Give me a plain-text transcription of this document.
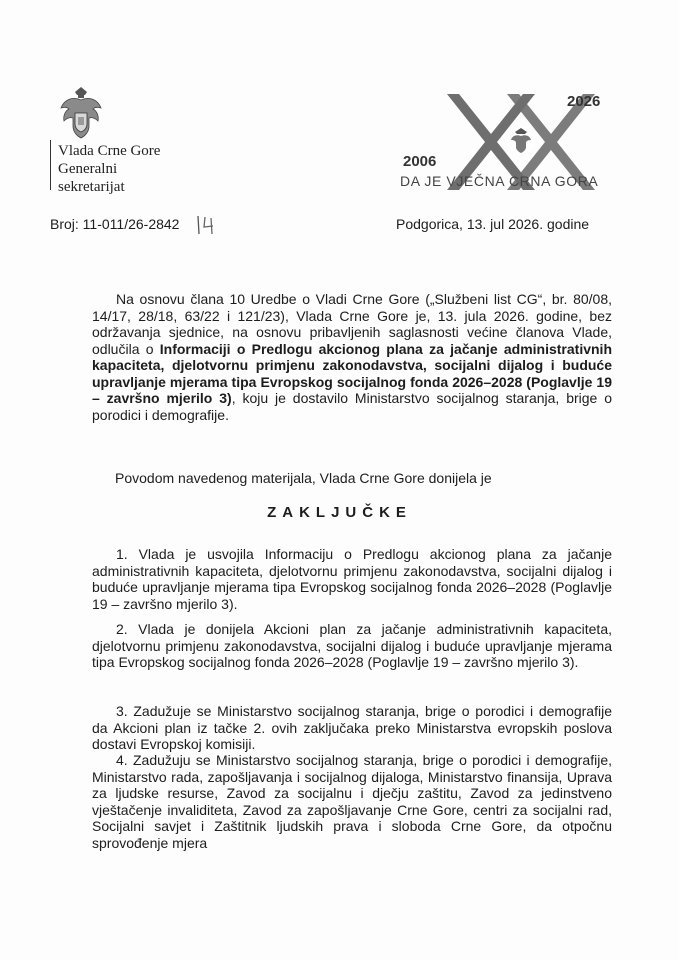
Vlada Crne Gore
Generalni
sekretarijat
2006
2026
DA JE VJEČNA CRNA GORA
Broj: 11-011/26-2842	Podgorica, 13. jul 2026. godine
Na osnovu člana 10 Uredbe o Vladi Crne Gore („Službeni list CG“, br. 80/08, 14/17, 28/18, 63/22 i 121/23), Vlada Crne Gore je, 13. jula 2026. godine, bez održavanja sjednice, na osnovu pribavljenih saglasnosti većine članova Vlade, odlučila o Informaciji o Predlogu akcionog plana za jačanje administrativnih kapaciteta, djelotvornu primjenu zakonodavstva, socijalni dijalog i buduće upravljanje mjerama tipa Evropskog socijalnog fonda 2026–2028 (Poglavlje 19 – završno mjerilo 3), koju je dostavilo Ministarstvo socijalnog staranja, brige o porodici i demografije.
Povodom navedenog materijala, Vlada Crne Gore donijela je
ZAKLJUČKE
1. Vlada je usvojila Informaciju o Predlogu akcionog plana za jačanje administrativnih kapaciteta, djelotvornu primjenu zakonodavstva, socijalni dijalog i buduće upravljanje mjerama tipa Evropskog socijalnog fonda 2026–2028 (Poglavlje 19 – završno mjerilo 3).
2. Vlada je donijela Akcioni plan za jačanje administrativnih kapaciteta, djelotvornu primjenu zakonodavstva, socijalni dijalog i buduće upravljanje mjerama tipa Evropskog socijalnog fonda 2026–2028 (Poglavlje 19 – završno mjerilo 3).
3. Zadužuje se Ministarstvo socijalnog staranja, brige o porodici i demografije da Akcioni plan iz tačke 2. ovih zaključaka preko Ministarstva evropskih poslova dostavi Evropskoj komisiji.
4. Zadužuju se Ministarstvo socijalnog staranja, brige o porodici i demografije, Ministarstvo rada, zapošljavanja i socijalnog dijaloga, Ministarstvo finansija, Uprava za ljudske resurse, Zavod za socijalnu i dječju zaštitu, Zavod za jedinstveno vještačenje invaliditeta, Zavod za zapošljavanje Crne Gore, centri za socijalni rad, Socijalni savjet i Zaštitnik ljudskih prava i sloboda Crne Gore, da otpočnu sprovođenje mjera
